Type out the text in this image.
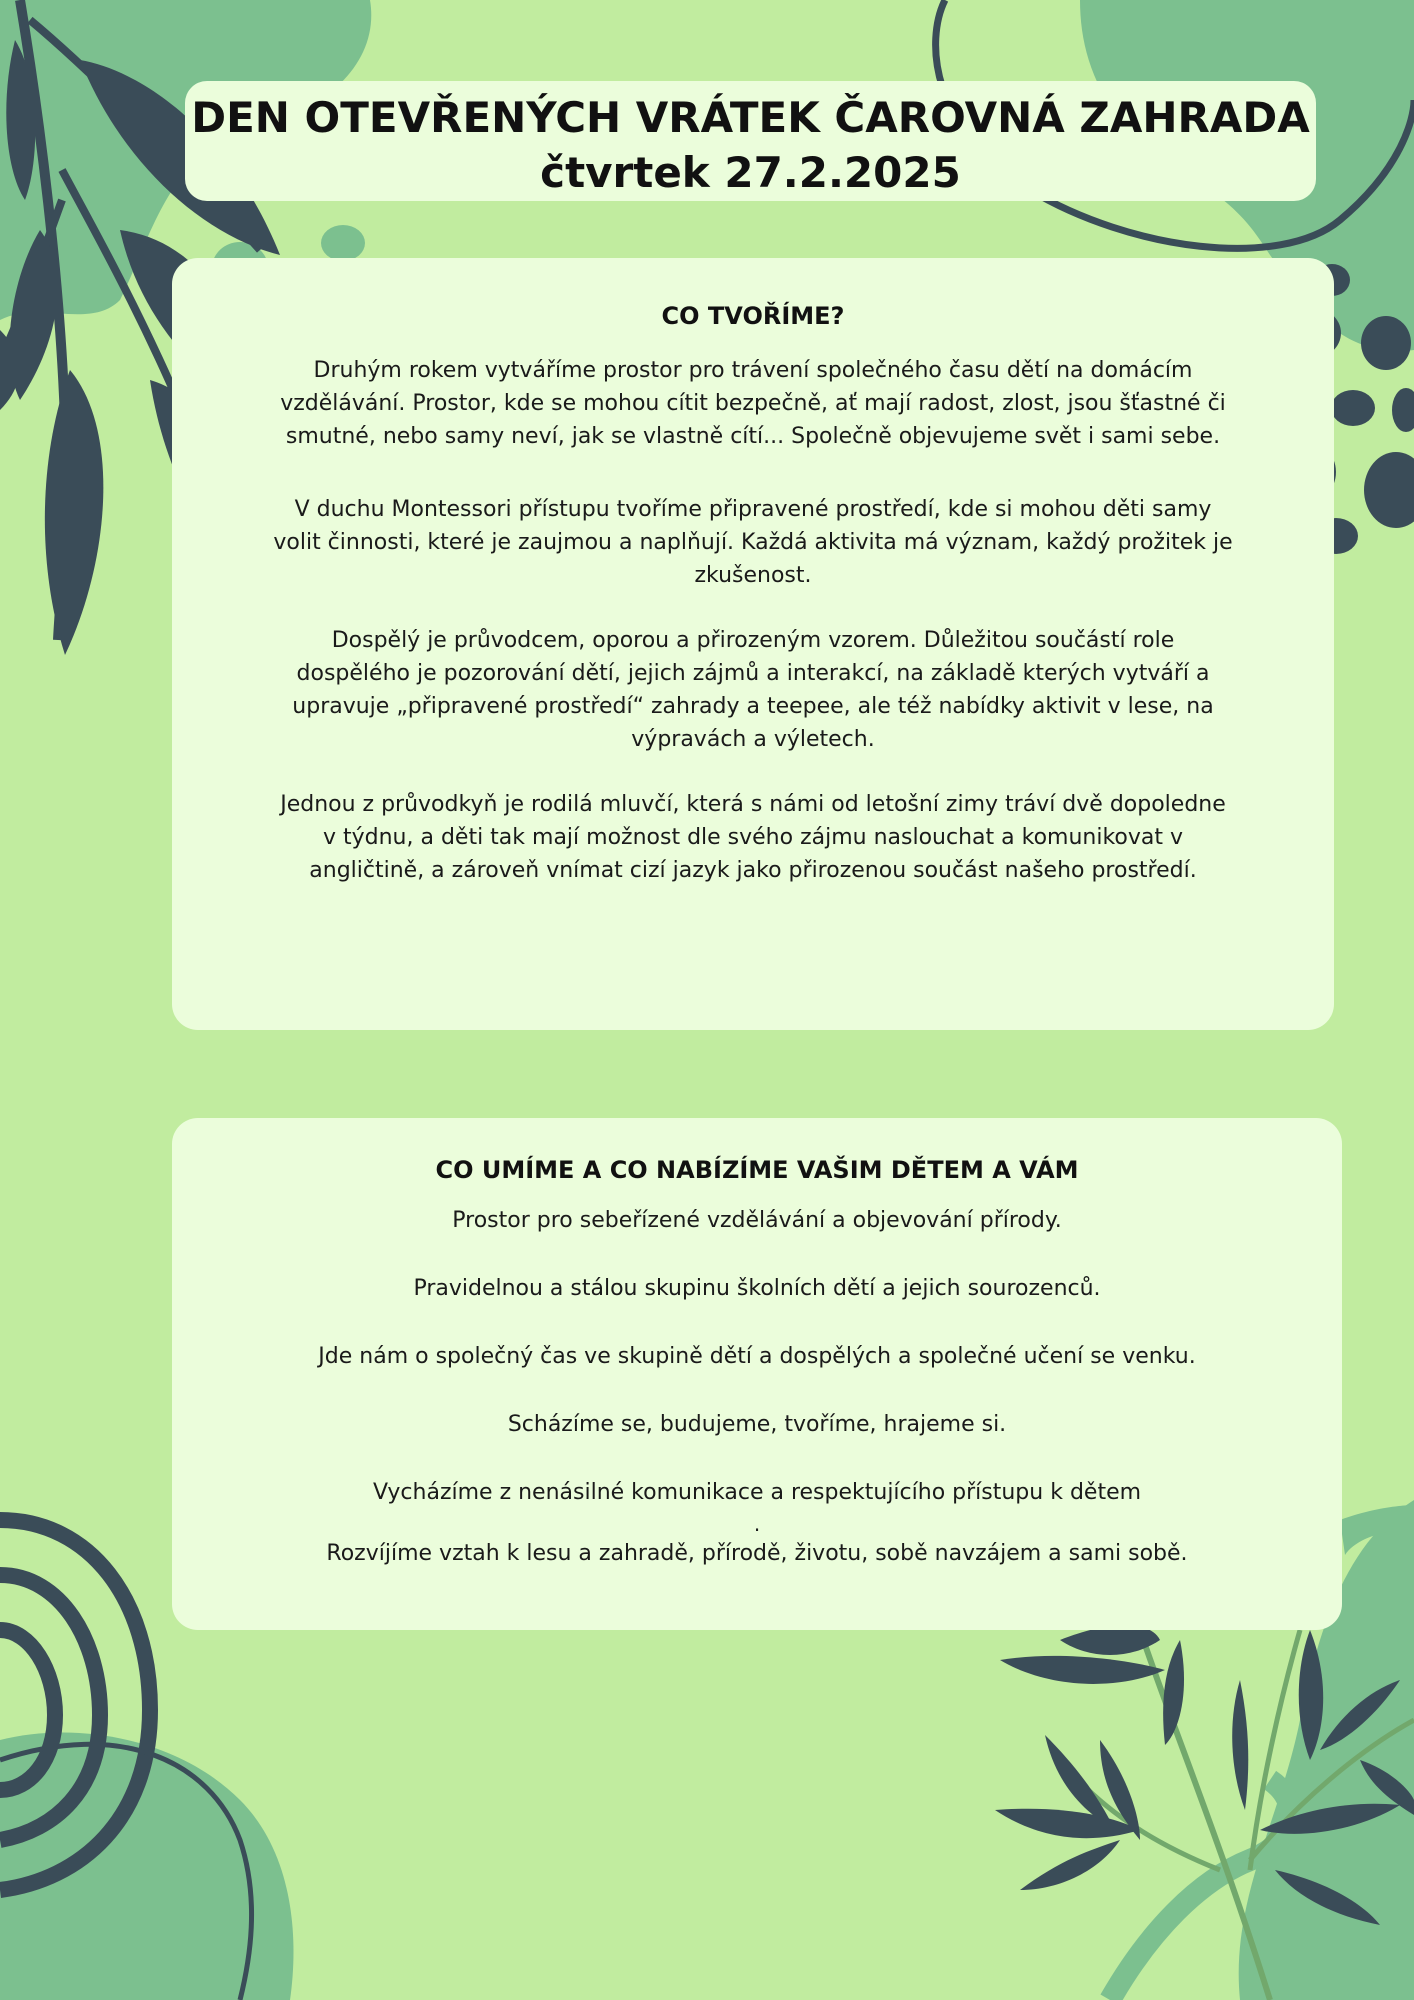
DEN OTEVŘENÝCH VRÁTEK ČAROVNÁ ZAHRADA
čtvrtek 27.2.2025
CO TVOŘÍME?

Druhým rokem vytváříme prostor pro trávení společného času dětí na domácím vzdělávání. Prostor, kde se mohou cítit bezpečně, ať mají radost, zlost, jsou šťastné či smutné, nebo samy neví, jak se vlastně cítí... Společně objevujeme svět i sami sebe.

V duchu Montessori přístupu tvoříme připravené prostředí, kde si mohou děti samy volit činnosti, které je zaujmou a naplňují. Každá aktivita má význam, každý prožitek je zkušenost.

Dospělý je průvodcem, oporou a přirozeným vzorem. Důležitou součástí role dospělého je pozorování dětí, jejich zájmů a interakcí, na základě kterých vytváří a upravuje „připravené prostředí“ zahrady a teepee, ale též nabídky aktivit v lese, na výpravách a výletech.

Jednou z průvodkyň je rodilá mluvčí, která s námi od letošní zimy tráví dvě dopoledne v týdnu, a děti tak mají možnost dle svého zájmu naslouchat a komunikovat v angličtině, a zároveň vnímat cizí jazyk jako přirozenou součást našeho prostředí.

CO UMÍME A CO NABÍZÍME VAŠIM DĚTEM A VÁM

Prostor pro sebeřízené vzdělávání a objevování přírody.

Pravidelnou a stálou skupinu školních dětí a jejich sourozenců.

Jde nám o společný čas ve skupině dětí a dospělých a společné učení se venku.

Scházíme se, budujeme, tvoříme, hrajeme si.

Vycházíme z nenásilné komunikace a respektujícího přístupu k dětem

.

Rozvíjíme vztah k lesu a zahradě, přírodě, životu, sobě navzájem a sami sobě.
